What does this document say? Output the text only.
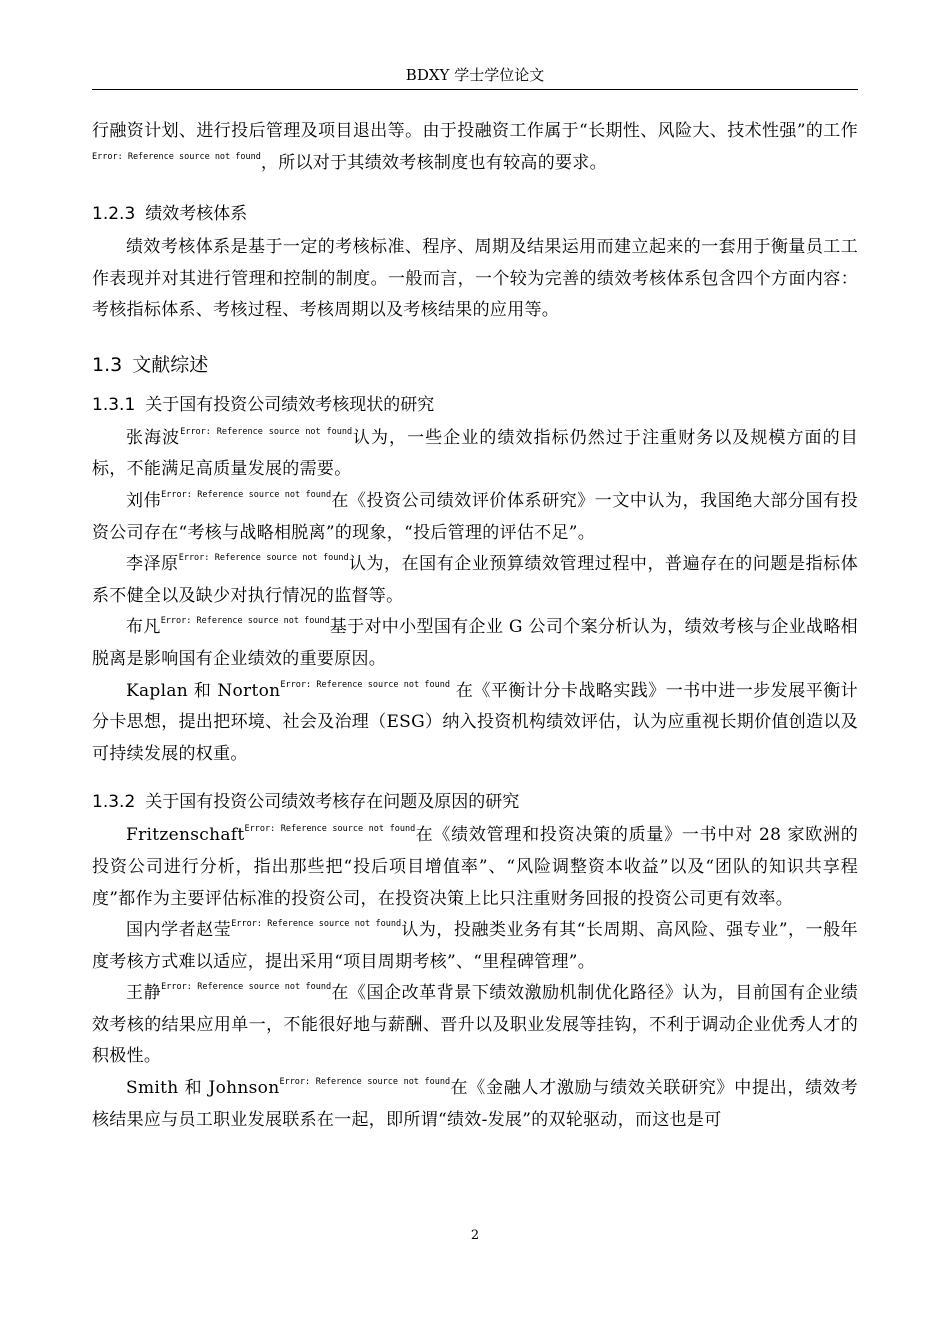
BDXY 学士学位论文

行融资计划、进行投后管理及项目退出等。由于投融资工作属于“长期性、风险大、技术性强”的工作$^{Error: Reference source not found}$，所以对于其绩效考核制度也有较高的要求。

1.2.3 绩效考核体系

绩效考核体系是基于一定的考核标准、程序、周期及结果运用而建立起来的一套用于衡量员工工作表现并对其进行管理和控制的制度。一般而言，一个较为完善的绩效考核体系包含四个方面内容：考核指标体系、考核过程、考核周期以及考核结果的应用等。

1.3 文献综述
1.3.1 关于国有投资公司绩效考核现状的研究

张海波$^{Error: Reference source not found}$认为，一些企业的绩效指标仍然过于注重财务以及规模方面的目标，不能满足高质量发展的需要。

刘伟$^{Error: Reference source not found}$在《投资公司绩效评价体系研究》一文中认为，我国绝大部分国有投资公司存在“考核与战略相脱离”的现象，“投后管理的评估不足”。

李泽原$^{Error: Reference source not found}$认为，在国有企业预算绩效管理过程中，普遍存在的问题是指标体系不健全以及缺少对执行情况的监督等。

布凡$^{Error: Reference source not found}$基于对中小型国有企业 G 公司个案分析认为，绩效考核与企业战略相脱离是影响国有企业绩效的重要原因。

Kaplan 和 Norton$^{Error: Reference source not found}$ 在《平衡计分卡战略实践》一书中进一步发展平衡计分卡思想，提出把环境、社会及治理（ESG）纳入投资机构绩效评估，认为应重视长期价值创造以及可持续发展的权重。

1.3.2 关于国有投资公司绩效考核存在问题及原因的研究

Fritzenschaft$^{Error: Reference source not found}$在《绩效管理和投资决策的质量》一书中对 28 家欧洲的投资公司进行分析，指出那些把“投后项目增值率”、“风险调整资本收益”以及“团队的知识共享程度”都作为主要评估标准的投资公司，在投资决策上比只注重财务回报的投资公司更有效率。

国内学者赵莹$^{Error: Reference source not found}$认为，投融类业务有其“长周期、高风险、强专业”，一般年度考核方式难以适应，提出采用“项目周期考核”、“里程碑管理”。

王静$^{Error: Reference source not found}$在《国企改革背景下绩效激励机制优化路径》认为，目前国有企业绩效考核的结果应用单一，不能很好地与薪酬、晋升以及职业发展等挂钩，不利于调动企业优秀人才的积极性。

Smith 和 Johnson$^{Error: Reference source not found}$在《金融人才激励与绩效关联研究》中提出，绩效考核结果应与员工职业发展联系在一起，即所谓“绩效-发展”的双轮驱动，而这也是可

2
